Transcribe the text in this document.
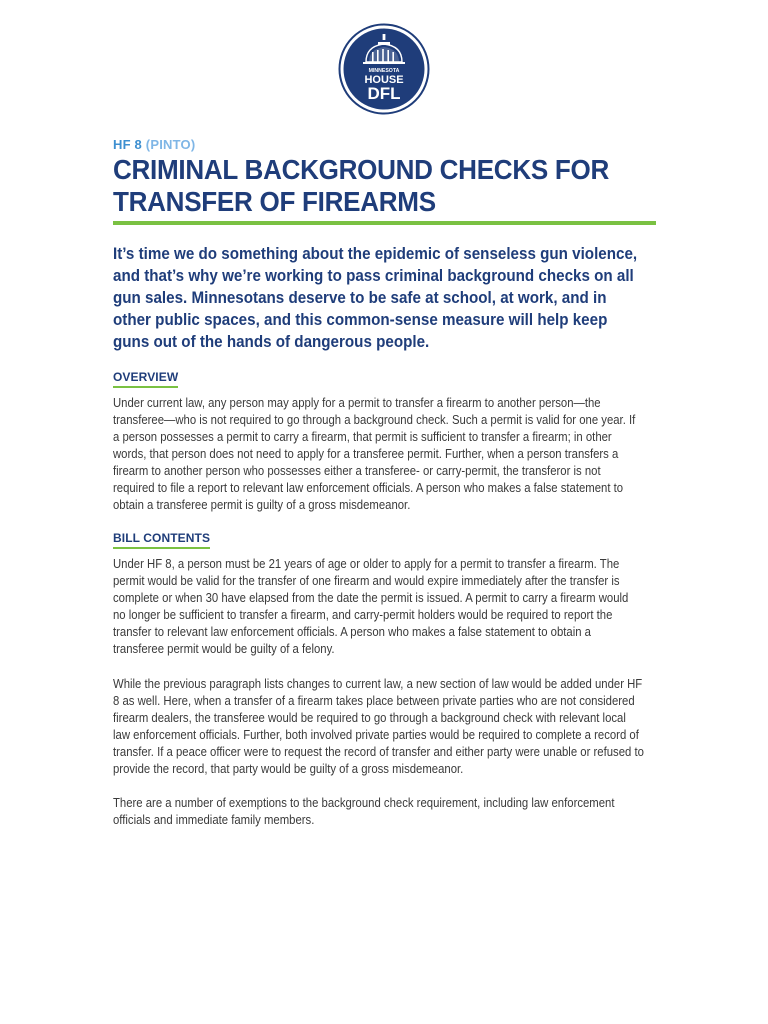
MINNESOTA
HOUSE
DFL
HF 8 (PINTO)
CRIMINAL BACKGROUND CHECKS FOR TRANSFER OF FIREARMS

It’s time we do something about the epidemic of senseless gun violence, and that’s why we’re working to pass criminal background checks on all gun sales. Minnesotans deserve to be safe at school, at work, and in other public spaces, and this common-sense measure will help keep guns out of the hands of dangerous people.

OVERVIEW

Under current law, any person may apply for a permit to transfer a firearm to another person—the transferee—who is not required to go through a background check. Such a permit is valid for one year. If a person possesses a permit to carry a firearm, that permit is sufficient to transfer a firearm; in other words, that person does not need to apply for a transferee permit. Further, when a person transfers a firearm to another person who possesses either a transferee- or carry-permit, the transferor is not required to file a report to relevant law enforcement officials. A person who makes a false statement to obtain a transferee permit is guilty of a gross misdemeanor.

BILL CONTENTS

Under HF 8, a person must be 21 years of age or older to apply for a permit to transfer a firearm. The permit would be valid for the transfer of one firearm and would expire immediately after the transfer is complete or when 30 have elapsed from the date the permit is issued. A permit to carry a firearm would no longer be sufficient to transfer a firearm, and carry-permit holders would be required to report the transfer to relevant law enforcement officials. A person who makes a false statement to obtain a transferee permit would be guilty of a felony.

While the previous paragraph lists changes to current law, a new section of law would be added under HF 8 as well. Here, when a transfer of a firearm takes place between private parties who are not considered firearm dealers, the transferee would be required to go through a background check with relevant local law enforcement officials. Further, both involved private parties would be required to complete a record of transfer. If a peace officer were to request the record of transfer and either party were unable or refused to provide the record, that party would be guilty of a gross misdemeanor.

There are a number of exemptions to the background check requirement, including law enforcement officials and immediate family members.
